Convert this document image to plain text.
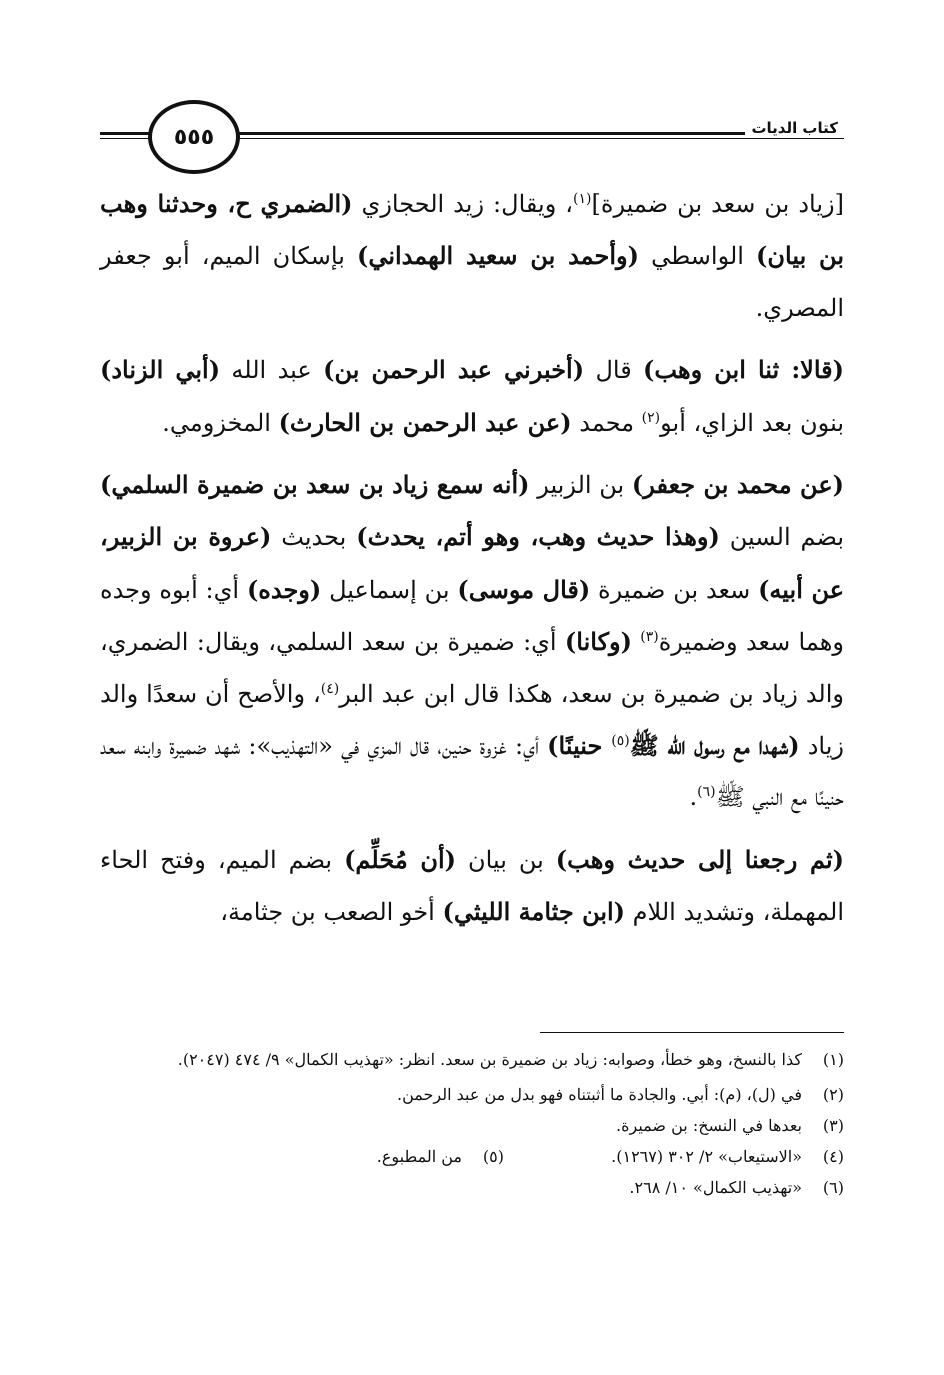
كتاب الديات
٥٥٥

[زياد بن سعد بن ضميرة]$^{(١)}$، ويقال: زيد الحجازي (الضمري ح، وحدثنا وهب بن بيان) الواسطي (وأحمد بن سعيد الهمداني) بإسكان الميم، أبو جعفر المصري.

(قالا: ثنا ابن وهب) قال (أخبرني عبد الرحمن بن) عبد الله (أبي الزناد) بنون بعد الزاي، أبو$^{(٢)}$ محمد (عن عبد الرحمن بن الحارث) المخزومي.

(عن محمد بن جعفر) بن الزبير (أنه سمع زياد بن سعد بن ضميرة السلمي) بضم السين (وهذا حديث وهب، وهو أتم، يحدث) بحديث (عروة بن الزبير، عن أبيه) سعد بن ضميرة (قال موسى) بن إسماعيل (وجده) أي: أبوه وجده وهما سعد وضميرة$^{(٣)}$ (وكانا) أي: ضميرة بن سعد السلمي، ويقال: الضمري، والد زياد بن ضميرة بن سعد، هكذا قال ابن عبد البر$^{(٤)}$، والأصح أن سعدًا والد زياد (شهدا مع رسول الله ﷺ$^{(٥)}$ حنينًا) أي: غزوة حنين، قال المزي في «التهذيب»: شهد ضميرة وابنه سعد حنينًا مع النبي ﷺ$^{(٦)}$.

(ثم رجعنا إلى حديث وهب) بن بيان (أن مُحَلِّم) بضم الميم، وفتح الحاء المهملة، وتشديد اللام (ابن جثامة الليثي) أخو الصعب بن جثامة،

(١)
كذا بالنسخ، وهو خطأ، وصوابه: زياد بن ضميرة بن سعد. انظر: «تهذيب الكمال» ٩/ ٤٧٤ (٢٠٤٧).
(٢)
في (ل)، (م): أبي. والجادة ما أثبتناه فهو بدل من عبد الرحمن.
(٣)
بعدها في النسخ: بن ضميرة.
(٤)
«الاستيعاب» ٢/ ٣٠٢ (١٢٦٧).
(٥)
من المطبوع.
(٦)
«تهذيب الكمال» ١٠/ ٢٦٨.
